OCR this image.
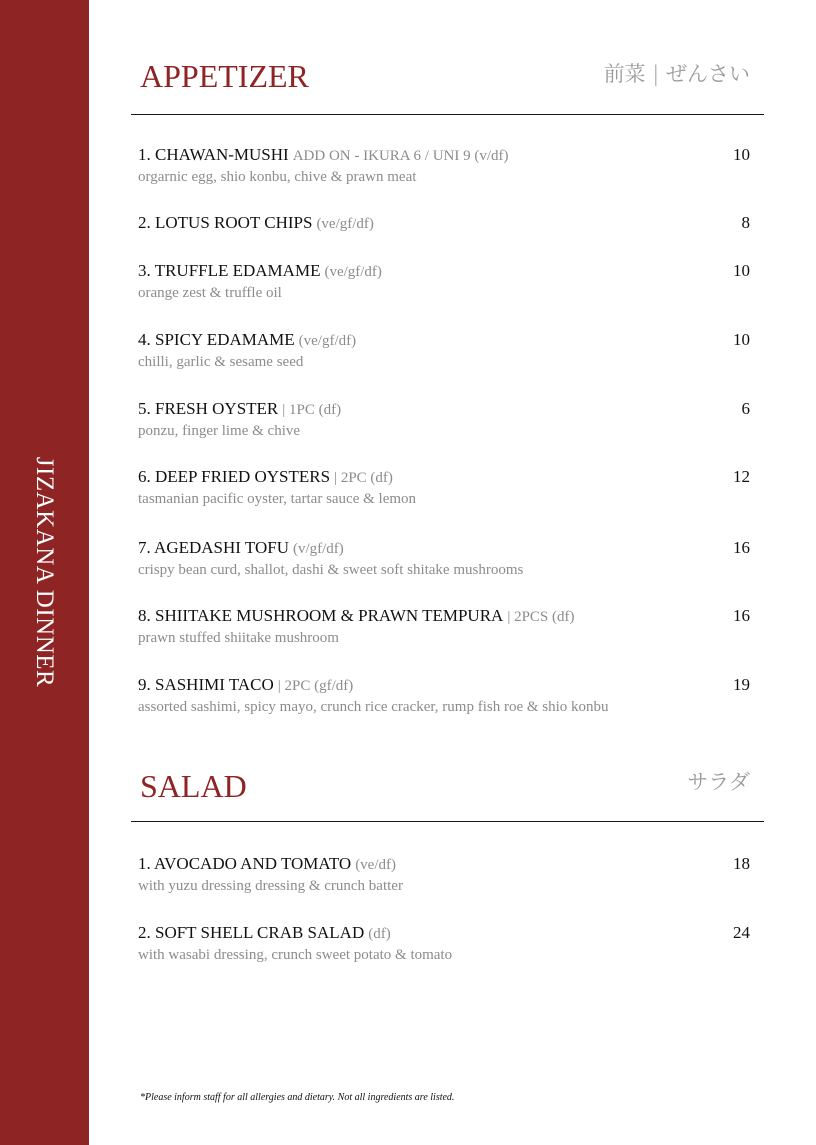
JIZAKANA DINNER
APPETIZER	前菜 | ぜんさい
1. CHAWAN-MUSHI ADD ON - IKURA 6 / UNI 9 (v/df)	10
orgarnic egg, shio konbu, chive & prawn meat
2. LOTUS ROOT CHIPS (ve/gf/df)	8
3. TRUFFLE EDAMAME (ve/gf/df)	10
orange zest & truffle oil
4. SPICY EDAMAME (ve/gf/df)	10
chilli, garlic & sesame seed
5. FRESH OYSTER | 1PC (df)	6
ponzu, finger lime & chive
6. DEEP FRIED OYSTERS | 2PC (df)	12
tasmanian pacific oyster, tartar sauce & lemon
7. AGEDASHI TOFU (v/gf/df)	16
crispy bean curd, shallot, dashi & sweet soft shitake mushrooms
8. SHIITAKE MUSHROOM & PRAWN TEMPURA | 2PCS (df)	16
prawn stuffed shiitake mushroom
9. SASHIMI TACO | 2PC (gf/df)	19
assorted sashimi, spicy mayo, crunch rice cracker, rump fish roe & shio konbu
SALAD	サラダ
1. AVOCADO AND TOMATO (ve/df)	18
with yuzu dressing dressing & crunch batter
2. SOFT SHELL CRAB SALAD (df)	24
with wasabi dressing, crunch sweet potato & tomato
*Please inform staff for all allergies and dietary. Not all ingredients are listed.
